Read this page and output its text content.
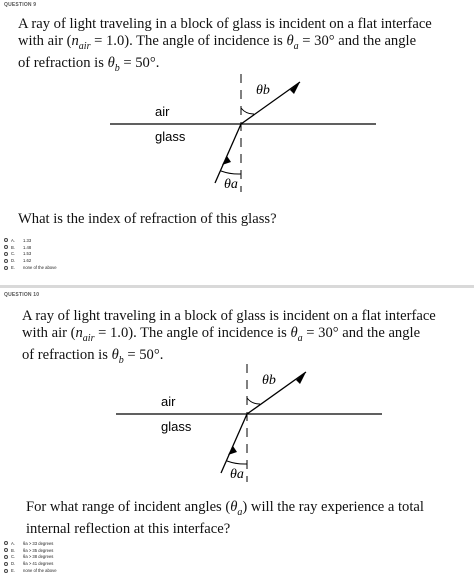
QUESTION 9
A ray of light traveling in a block of glass is incident on a flat interface
with air $(n_{air} = 1.0)$. The angle of incidence is $\theta_a = 30^\circ$ and the angle
of refraction is $\theta_b = 50^\circ$.
air
glass
θb
θa
What is the index of refraction of this glass?
A.	1.33
B.	1.48
C.	1.53
D.	1.62
E.	none of the above
QUESTION 10
A ray of light traveling in a block of glass is incident on a flat interface
with air $(n_{air} = 1.0)$. The angle of incidence is $\theta_a = 30^\circ$ and the angle
of refraction is $\theta_b = 50^\circ$.
air
glass
θb
θa
For what range of incident angles $(\theta_a)$ will the ray experience a total
internal reflection at this interface?
A.	θa > 33 degrees
B.	θa > 35 degrees
C.	θa > 38 degrees
D.	θa > 41 degrees
E.	none of the above
